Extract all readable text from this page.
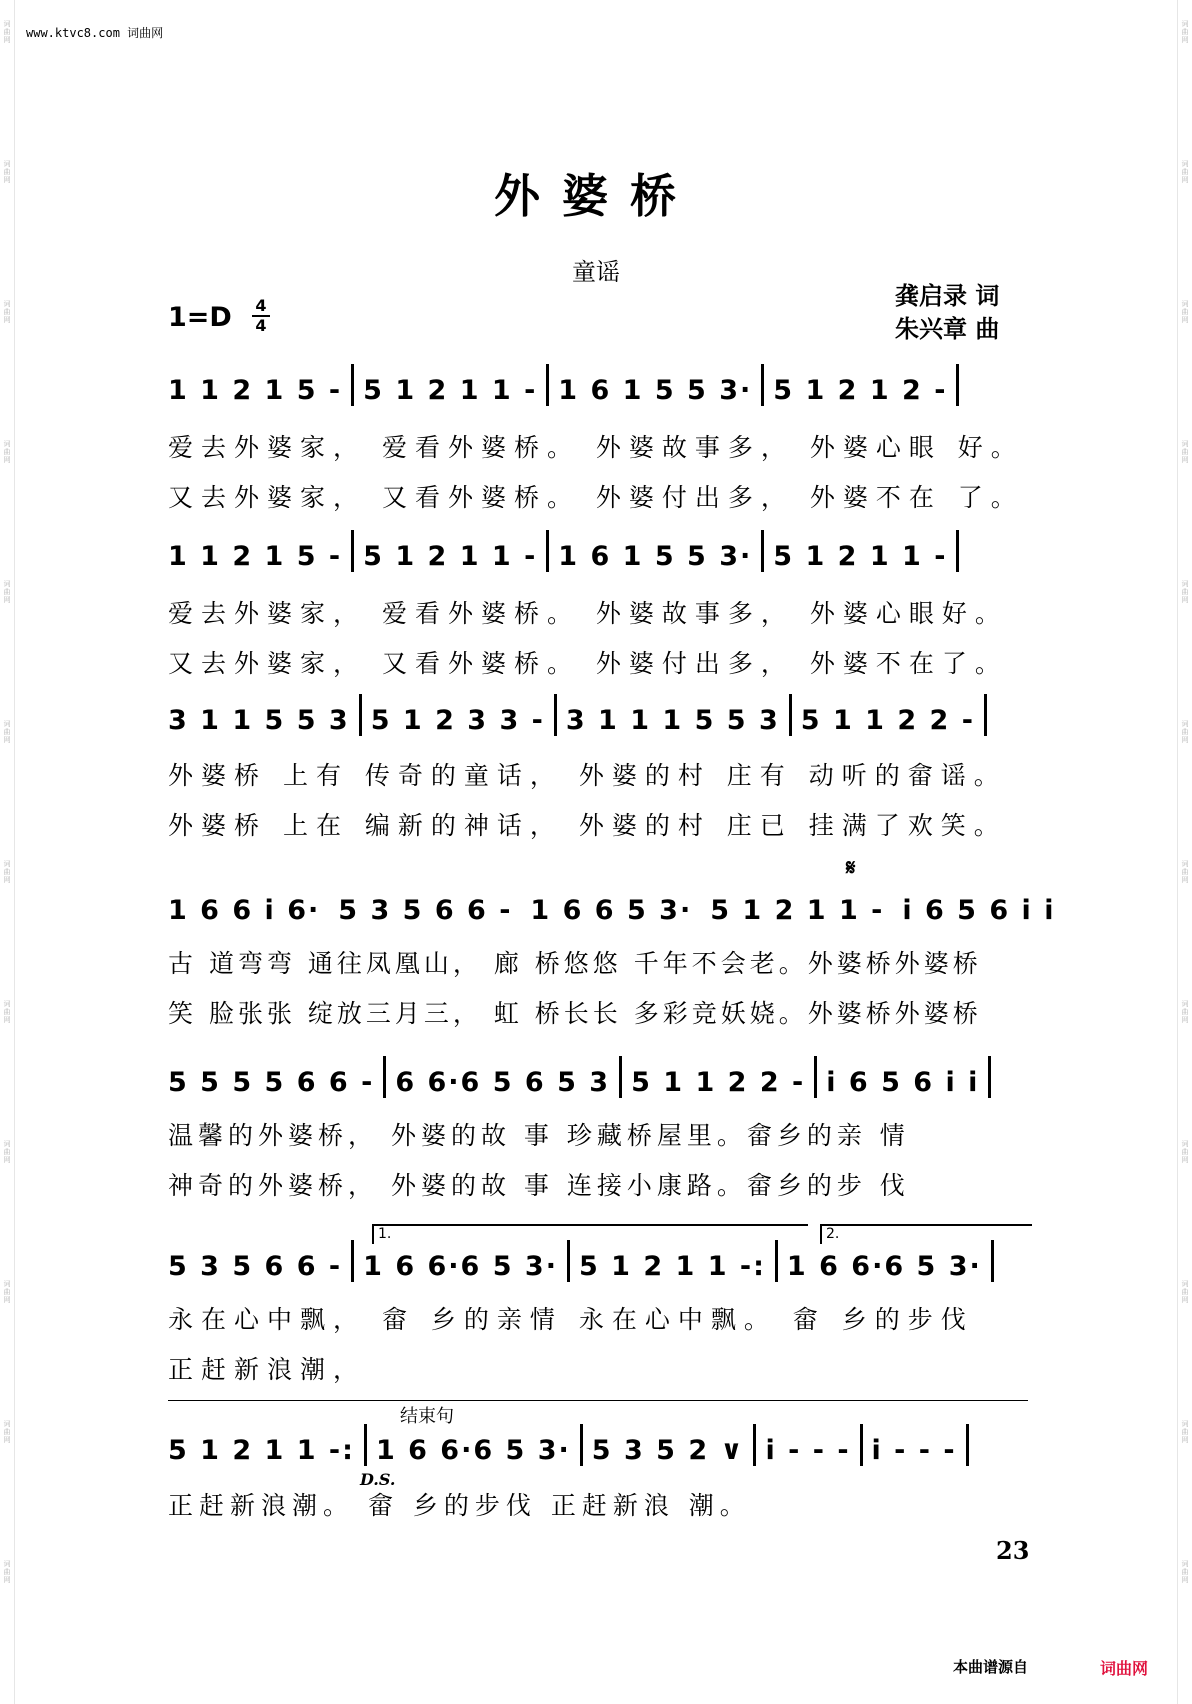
词
曲
网
词
曲
网
词
曲
网
词
曲
网
词
曲
网
词
曲
网
词
曲
网
词
曲
网
词
曲
网
词
曲
网
词
曲
网
词
曲
网
词
曲
网
词
曲
网
词
曲
网
词
曲
网
词
曲
网
词
曲
网
词
曲
网
词
曲
网
词
曲
网
词
曲
网
词
曲
网
词
曲
网
www.ktvc8.com 词曲网
外婆桥
童谣
1=D 4
4
龚启录 词
朱兴章 曲
1 1 2 1 5 - 5 1 2 1 1 - 1 6 1 5 5 3· 5 1 2 1 2 -
爱去外婆家， 爱看外婆桥。 外婆故事多， 外婆心眼 好。
又去外婆家， 又看外婆桥。 外婆付出多， 外婆不在 了。
1 1 2 1 5 - 5 1 2 1 1 - 1 6 1 5 5 3· 5 1 2 1 1 -
爱去外婆家， 爱看外婆桥。 外婆故事多， 外婆心眼好。
又去外婆家， 又看外婆桥。 外婆付出多， 外婆不在了。
3 1 1 5 5 3 5 1 2 3 3 - 3 1 1 1 5 5 3 5 1 1 2 2 -
外婆桥 上有 传奇的童话， 外婆的村 庄有 动听的畲谣。
外婆桥 上在 编新的神话， 外婆的村 庄已 挂满了欢笑。
𝄋
1 6 6 i 6· 5 3 5 6 6 - 1 6 6 5 3· 5 1 2 1 1 - i 6 5 6 i i
古 道弯弯 通往凤凰山， 廊 桥悠悠 千年不会老。外婆桥外婆桥
笑 脸张张 绽放三月三， 虹 桥长长 多彩竞妖娆。外婆桥外婆桥
5 5 5 5 6 6 - 6 6·6 5 6 5 3 5 1 1 2 2 - i 6 5 6 i i
温馨的外婆桥， 外婆的故 事 珍藏桥屋里。畲乡的亲 情
神奇的外婆桥， 外婆的故 事 连接小康路。畲乡的步 伐
1.	2.
5 3 5 6 6 - 1 6 6·6 5 3· 5 1 2 1 1 -: 1 6 6·6 5 3·
永在心中飘， 畲 乡的亲情 永在心中飘。 畲 乡的步伐
正赶新浪潮，
结束句
5 1 2 1 1 -: 1 6 6·6 5 3· 5 3 5 2 ∨ i - - - i - - -
D.S.
正赶新浪潮。 畲 乡的步伐 正赶新浪 潮。
23
本曲谱源自	词曲网
